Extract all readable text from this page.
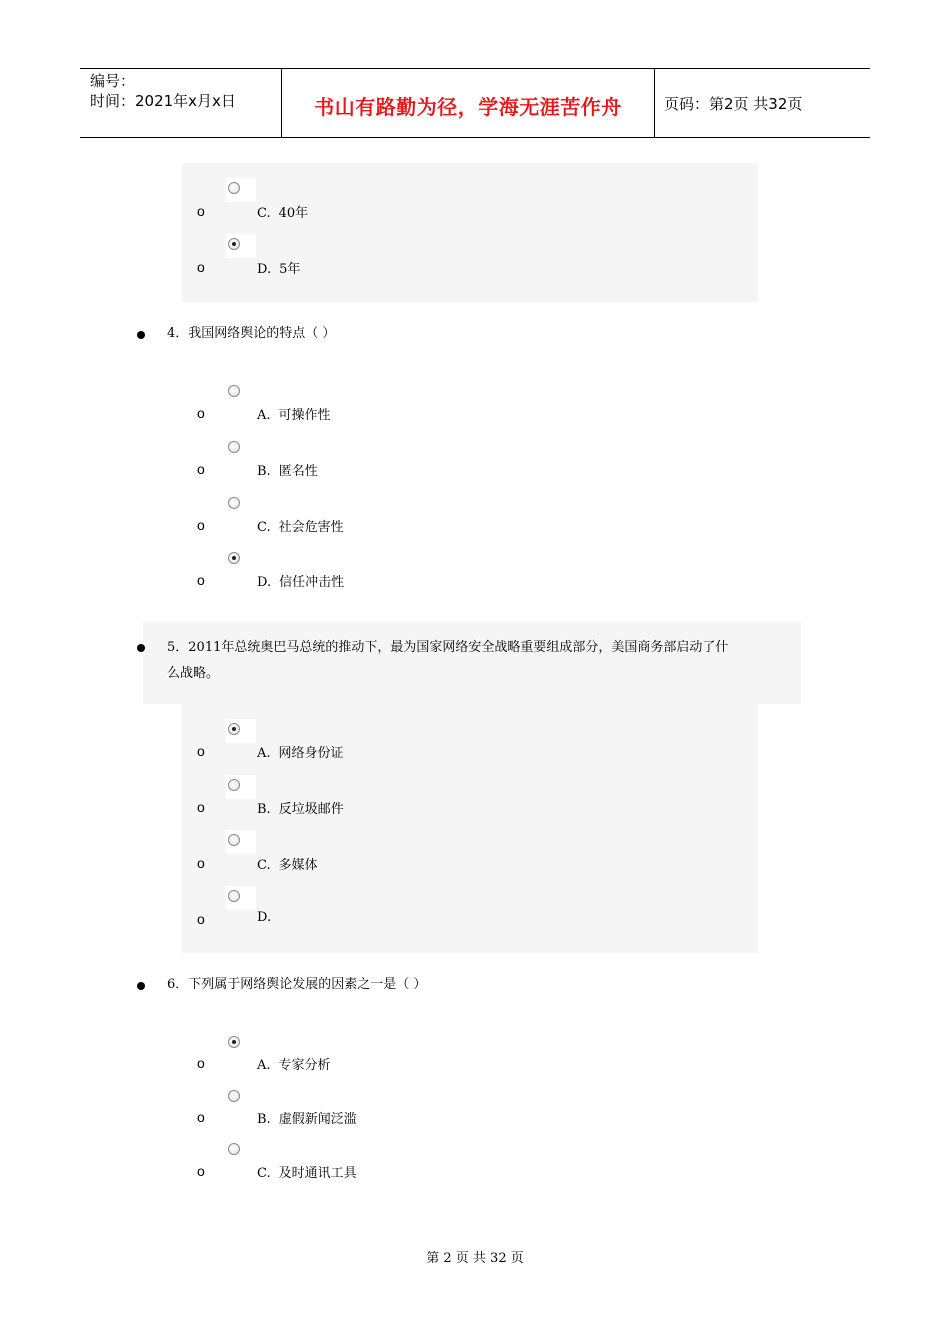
编号：
时间：2021年x月x日	书山有路勤为径，学海无涯苦作舟	页码：第2页 共32页
o	C. 40年
o	D. 5年
4．我国网络舆论的特点（ ）
o	A. 可操作性
o	B. 匿名性
o	C. 社会危害性
o	D. 信任冲击性
5．2011年总统奥巴马总统的推动下，最为国家网络安全战略重要组成部分，美国商务部启动了什
么战略。
o	A. 网络身份证
o	B. 反垃圾邮件
o	C. 多媒体
o	D.
6．下列属于网络舆论发展的因素之一是（ ）
o	A. 专家分析
o	B. 虚假新闻泛滥
o	C. 及时通讯工具
第 2 页 共 32 页
